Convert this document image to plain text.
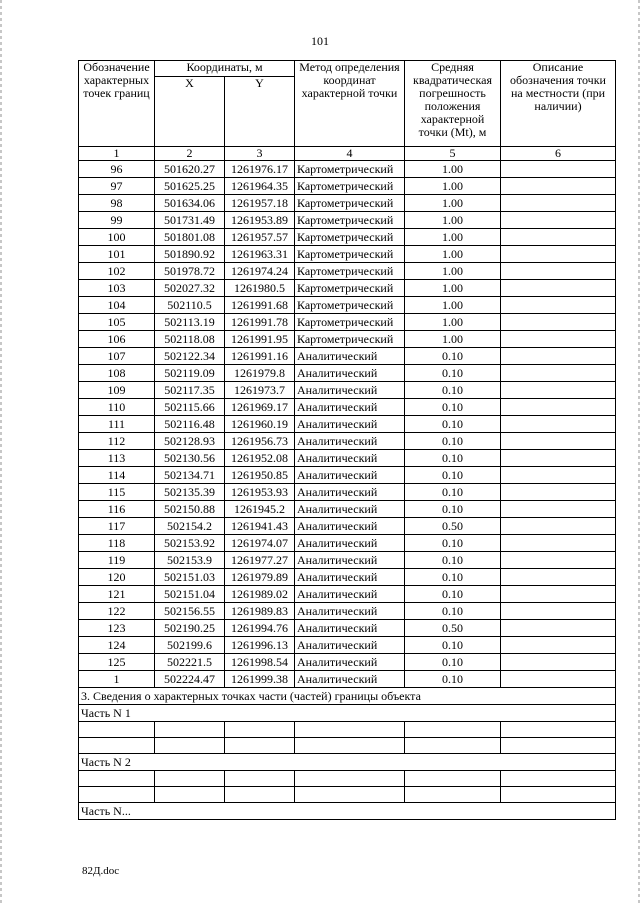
101
Обозначение характерных точек границ	Координаты, м		Метод определения координат характерной точки	Средняя квадратическая погрешность положения характерной точки (Mt), м	Описание обозначения точки на местности (при наличии)
	X	Y			
1	2	3	4	5	6
96	501620.27	1261976.17	Картометрический	1.00	
97	501625.25	1261964.35	Картометрический	1.00	
98	501634.06	1261957.18	Картометрический	1.00	
99	501731.49	1261953.89	Картометрический	1.00	
100	501801.08	1261957.57	Картометрический	1.00	
101	501890.92	1261963.31	Картометрический	1.00	
102	501978.72	1261974.24	Картометрический	1.00	
103	502027.32	1261980.5	Картометрический	1.00	
104	502110.5	1261991.68	Картометрический	1.00	
105	502113.19	1261991.78	Картометрический	1.00	
106	502118.08	1261991.95	Картометрический	1.00	
107	502122.34	1261991.16	Аналитический	0.10	
108	502119.09	1261979.8	Аналитический	0.10	
109	502117.35	1261973.7	Аналитический	0.10	
110	502115.66	1261969.17	Аналитический	0.10	
111	502116.48	1261960.19	Аналитический	0.10	
112	502128.93	1261956.73	Аналитический	0.10	
113	502130.56	1261952.08	Аналитический	0.10	
114	502134.71	1261950.85	Аналитический	0.10	
115	502135.39	1261953.93	Аналитический	0.10	
116	502150.88	1261945.2	Аналитический	0.10	
117	502154.2	1261941.43	Аналитический	0.50	
118	502153.92	1261974.07	Аналитический	0.10	
119	502153.9	1261977.27	Аналитический	0.10	
120	502151.03	1261979.89	Аналитический	0.10	
121	502151.04	1261989.02	Аналитический	0.10	
122	502156.55	1261989.83	Аналитический	0.10	
123	502190.25	1261994.76	Аналитический	0.50	
124	502199.6	1261996.13	Аналитический	0.10	
125	502221.5	1261998.54	Аналитический	0.10	
1	502224.47	1261999.38	Аналитический	0.10	
3. Сведения о характерных точках части (частей) границы объекта					
Часть N 1					

Часть N 2					

Часть N...					
82Д.doc
